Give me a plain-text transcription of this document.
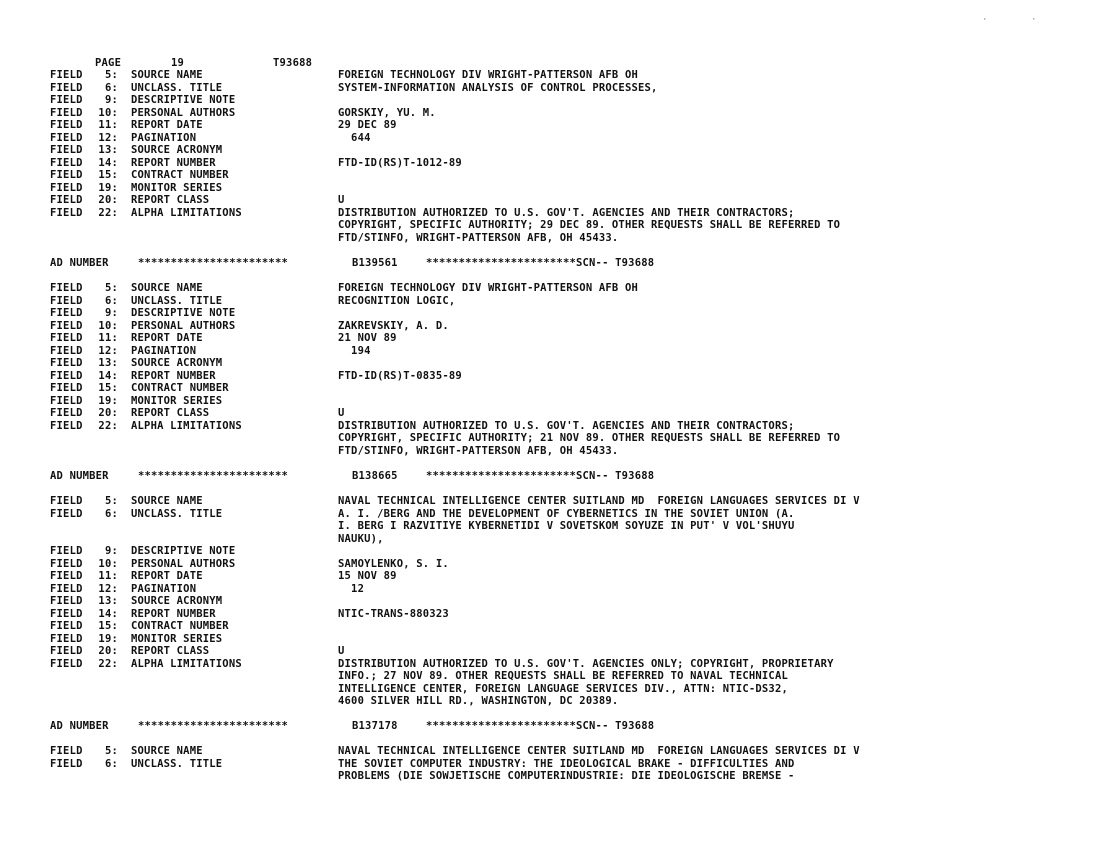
PAGE

	19

	T93688

·	·
FIELD	5: SOURCE NAME	FOREIGN TECHNOLOGY DIV WRIGHT-PATTERSON AFB OH
FIELD	6: UNCLASS. TITLE	SYSTEM-INFORMATION ANALYSIS OF CONTROL PROCESSES,
FIELD	9: DESCRIPTIVE NOTE
FIELD	10: PERSONAL AUTHORS	GORSKIY, YU. M.
FIELD	11: REPORT DATE	29 DEC 89
FIELD	12: PAGINATION	644
FIELD	13: SOURCE ACRONYM
FIELD	14: REPORT NUMBER	FTD-ID(RS)T-1012-89
FIELD	15: CONTRACT NUMBER
FIELD	19: MONITOR SERIES
FIELD	20: REPORT CLASS	U
FIELD	22: ALPHA LIMITATIONS	DISTRIBUTION AUTHORIZED TO U.S. GOV'T. AGENCIES AND THEIR CONTRACTORS;
COPYRIGHT, SPECIFIC AUTHORITY; 29 DEC 89. OTHER REQUESTS SHALL BE REFERRED TO
FTD/STINFO, WRIGHT-PATTERSON AFB, OH 45433.
AD NUMBER	***********************	B139561	***********************SCN-- T93688
FIELD	5: SOURCE NAME	FOREIGN TECHNOLOGY DIV WRIGHT-PATTERSON AFB OH
FIELD	6: UNCLASS. TITLE	RECOGNITION LOGIC,
FIELD	9: DESCRIPTIVE NOTE
FIELD	10: PERSONAL AUTHORS	ZAKREVSKIY, A. D.
FIELD	11: REPORT DATE	21 NOV 89
FIELD	12: PAGINATION	194
FIELD	13: SOURCE ACRONYM
FIELD	14: REPORT NUMBER	FTD-ID(RS)T-0835-89
FIELD	15: CONTRACT NUMBER
FIELD	19: MONITOR SERIES
FIELD	20: REPORT CLASS	U
FIELD	22: ALPHA LIMITATIONS	DISTRIBUTION AUTHORIZED TO U.S. GOV'T. AGENCIES AND THEIR CONTRACTORS;
COPYRIGHT, SPECIFIC AUTHORITY; 21 NOV 89. OTHER REQUESTS SHALL BE REFERRED TO
FTD/STINFO, WRIGHT-PATTERSON AFB, OH 45433.
AD NUMBER	***********************	B138665	***********************SCN-- T93688
FIELD	5: SOURCE NAME	NAVAL TECHNICAL INTELLIGENCE CENTER SUITLAND MD  FOREIGN LANGUAGES SERVICES DI V
FIELD	6: UNCLASS. TITLE	A. I. /BERG AND THE DEVELOPMENT OF CYBERNETICS IN THE SOVIET UNION (A.
I. BERG I RAZVITIYE KYBERNETIDI V SOVETSKOM SOYUZE IN PUT' V VOL'SHUYU
NAUKU),
FIELD	9: DESCRIPTIVE NOTE
FIELD	10: PERSONAL AUTHORS	SAMOYLENKO, S. I.
FIELD	11: REPORT DATE	15 NOV 89
FIELD	12: PAGINATION	12
FIELD	13: SOURCE ACRONYM
FIELD	14: REPORT NUMBER	NTIC-TRANS-880323
FIELD	15: CONTRACT NUMBER
FIELD	19: MONITOR SERIES
FIELD	20: REPORT CLASS	U
FIELD	22: ALPHA LIMITATIONS	DISTRIBUTION AUTHORIZED TO U.S. GOV'T. AGENCIES ONLY; COPYRIGHT, PROPRIETARY
INFO.; 27 NOV 89. OTHER REQUESTS SHALL BE REFERRED TO NAVAL TECHNICAL
INTELLIGENCE CENTER, FOREIGN LANGUAGE SERVICES DIV., ATTN: NTIC-DS32,
4600 SILVER HILL RD., WASHINGTON, DC 20389.
AD NUMBER	***********************	B137178	***********************SCN-- T93688
FIELD	5: SOURCE NAME	NAVAL TECHNICAL INTELLIGENCE CENTER SUITLAND MD  FOREIGN LANGUAGES SERVICES DI V
FIELD	6: UNCLASS. TITLE	THE SOVIET COMPUTER INDUSTRY: THE IDEOLOGICAL BRAKE - DIFFICULTIES AND
PROBLEMS (DIE SOWJETISCHE COMPUTERINDUSTRIE: DIE IDEOLOGISCHE BREMSE -
